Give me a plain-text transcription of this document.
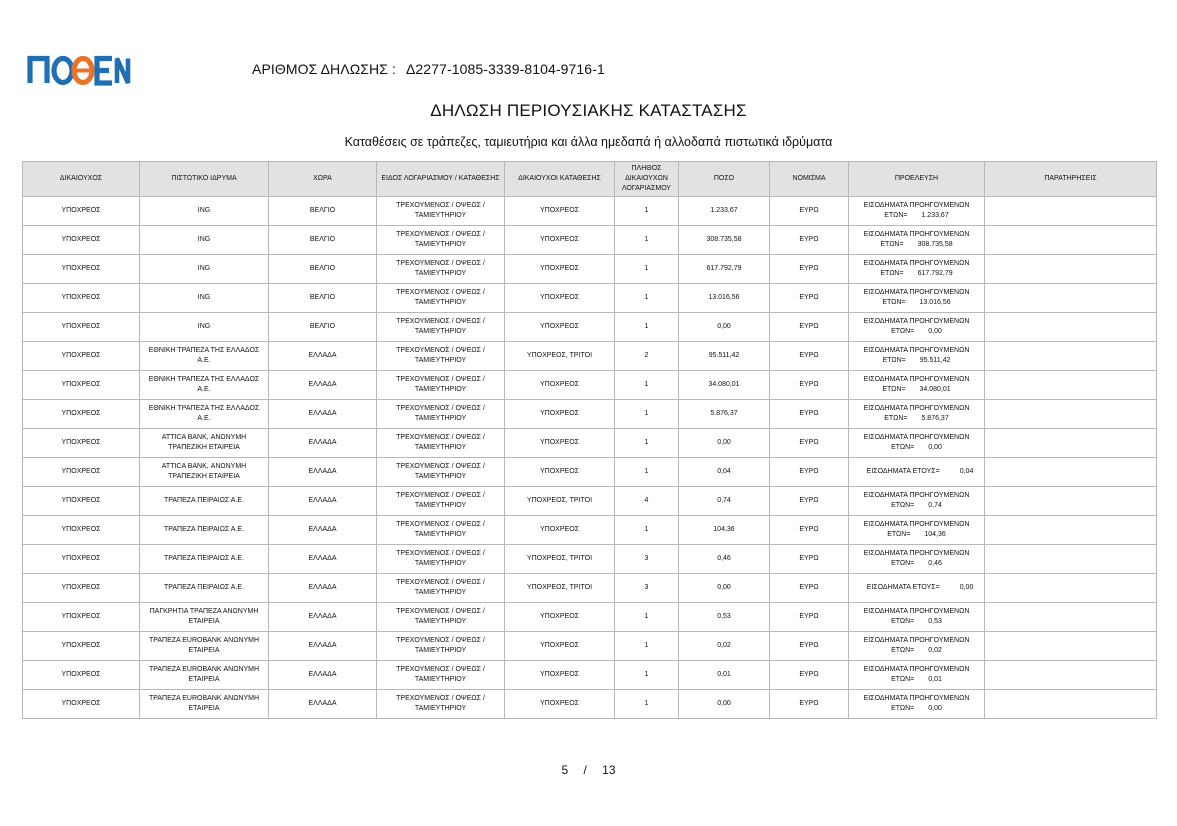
ΑΡΙΘΜΟΣ ΔΗΛΩΣΗΣ : Δ2277-1085-3339-8104-9716-1
ΔΗΛΩΣΗ ΠΕΡΙΟΥΣΙΑΚΗΣ ΚΑΤΑΣΤΑΣΗΣ
Καταθέσεις σε τράπεζες, ταμιευτήρια και άλλα ημεδαπά ή αλλοδαπά πιστωτικά ιδρύματα
ΔΙΚΑΙΟΥΧΟΣ	ΠΙΣΤΩΤΙΚΟ ΙΔΡΥΜΑ	ΧΩΡΑ	ΕΙΔΟΣ ΛΟΓΑΡΙΑΣΜΟΥ / ΚΑΤΑΘΕΣΗΣ	ΔΙΚΑΙΟΥΧΟΙ ΚΑΤΑΘΕΣΗΣ	ΠΛΗΘΟΣ ΔΙΚΑΙΟΥΧΩΝ ΛΟΓΑΡΙΑΣΜΟΥ	ΠΟΣΟ	ΝΟΜΙΣΜΑ	ΠΡΟΕΛΕΥΣΗ	ΠΑΡΑΤΗΡΗΣΕΙΣ
ΥΠΟΧΡΕΟΣ	ING	ΒΕΛΓΙΟ	ΤΡΕΧΟΥΜΕΝΟΣ / ΟΨΕΩΣ / ΤΑΜΙΕΥΤΗΡΙΟΥ	ΥΠΟΧΡΕΟΣ	1	1.233,67	ΕΥΡΩ	ΕΙΣΟΔΗΜΑΤΑ ΠΡΟΗΓΟΥΜΕΝΩΝ
ΕΤΩΝ= 1.233,67	

ΥΠΟΧΡΕΟΣ	ING	ΒΕΛΓΙΟ	ΤΡΕΧΟΥΜΕΝΟΣ / ΟΨΕΩΣ / ΤΑΜΙΕΥΤΗΡΙΟΥ	ΥΠΟΧΡΕΟΣ	1	308.735,58	ΕΥΡΩ	ΕΙΣΟΔΗΜΑΤΑ ΠΡΟΗΓΟΥΜΕΝΩΝ
ΕΤΩΝ= 308.735,58	

ΥΠΟΧΡΕΟΣ	ING	ΒΕΛΓΙΟ	ΤΡΕΧΟΥΜΕΝΟΣ / ΟΨΕΩΣ / ΤΑΜΙΕΥΤΗΡΙΟΥ	ΥΠΟΧΡΕΟΣ	1	617.792,79	ΕΥΡΩ	ΕΙΣΟΔΗΜΑΤΑ ΠΡΟΗΓΟΥΜΕΝΩΝ
ΕΤΩΝ= 617.792,79	

ΥΠΟΧΡΕΟΣ	ING	ΒΕΛΓΙΟ	ΤΡΕΧΟΥΜΕΝΟΣ / ΟΨΕΩΣ / ΤΑΜΙΕΥΤΗΡΙΟΥ	ΥΠΟΧΡΕΟΣ	1	13.016,56	ΕΥΡΩ	ΕΙΣΟΔΗΜΑΤΑ ΠΡΟΗΓΟΥΜΕΝΩΝ
ΕΤΩΝ= 13.016,56	

ΥΠΟΧΡΕΟΣ	ING	ΒΕΛΓΙΟ	ΤΡΕΧΟΥΜΕΝΟΣ / ΟΨΕΩΣ / ΤΑΜΙΕΥΤΗΡΙΟΥ	ΥΠΟΧΡΕΟΣ	1	0,00	ΕΥΡΩ	ΕΙΣΟΔΗΜΑΤΑ ΠΡΟΗΓΟΥΜΕΝΩΝ
ΕΤΩΝ= 0,00	

ΥΠΟΧΡΕΟΣ	ΕΘΝΙΚΗ ΤΡΑΠΕΖΑ ΤΗΣ ΕΛΛΑΔΟΣ Α.Ε.	ΕΛΛΑΔΑ	ΤΡΕΧΟΥΜΕΝΟΣ / ΟΨΕΩΣ / ΤΑΜΙΕΥΤΗΡΙΟΥ	ΥΠΟΧΡΕΟΣ, ΤΡΙΤΟΙ	2	95.511,42	ΕΥΡΩ	ΕΙΣΟΔΗΜΑΤΑ ΠΡΟΗΓΟΥΜΕΝΩΝ
ΕΤΩΝ= 95.511,42	

ΥΠΟΧΡΕΟΣ	ΕΘΝΙΚΗ ΤΡΑΠΕΖΑ ΤΗΣ ΕΛΛΑΔΟΣ Α.Ε.	ΕΛΛΑΔΑ	ΤΡΕΧΟΥΜΕΝΟΣ / ΟΨΕΩΣ / ΤΑΜΙΕΥΤΗΡΙΟΥ	ΥΠΟΧΡΕΟΣ	1	34.080,01	ΕΥΡΩ	ΕΙΣΟΔΗΜΑΤΑ ΠΡΟΗΓΟΥΜΕΝΩΝ
ΕΤΩΝ= 34.080,01	

ΥΠΟΧΡΕΟΣ	ΕΘΝΙΚΗ ΤΡΑΠΕΖΑ ΤΗΣ ΕΛΛΑΔΟΣ Α.Ε.	ΕΛΛΑΔΑ	ΤΡΕΧΟΥΜΕΝΟΣ / ΟΨΕΩΣ / ΤΑΜΙΕΥΤΗΡΙΟΥ	ΥΠΟΧΡΕΟΣ	1	5.876,37	ΕΥΡΩ	ΕΙΣΟΔΗΜΑΤΑ ΠΡΟΗΓΟΥΜΕΝΩΝ
ΕΤΩΝ= 5.876,37	

ΥΠΟΧΡΕΟΣ	ATTICA BANK, ΑΝΩΝΥΜΗ ΤΡΑΠΕΖΙΚΗ ΕΤΑΙΡΕΙΑ	ΕΛΛΑΔΑ	ΤΡΕΧΟΥΜΕΝΟΣ / ΟΨΕΩΣ / ΤΑΜΙΕΥΤΗΡΙΟΥ	ΥΠΟΧΡΕΟΣ	1	0,00	ΕΥΡΩ	ΕΙΣΟΔΗΜΑΤΑ ΠΡΟΗΓΟΥΜΕΝΩΝ
ΕΤΩΝ= 0,00	

ΥΠΟΧΡΕΟΣ	ATTICA BANK, ΑΝΩΝΥΜΗ ΤΡΑΠΕΖΙΚΗ ΕΤΑΙΡΕΙΑ	ΕΛΛΑΔΑ	ΤΡΕΧΟΥΜΕΝΟΣ / ΟΨΕΩΣ / ΤΑΜΙΕΥΤΗΡΙΟΥ	ΥΠΟΧΡΕΟΣ	1	0,04	ΕΥΡΩ	ΕΙΣΟΔΗΜΑΤΑ ΕΤΟΥΣ= 0,04	
ΥΠΟΧΡΕΟΣ	ΤΡΑΠΕΖΑ ΠΕΙΡΑΙΩΣ Α.Ε.	ΕΛΛΑΔΑ	ΤΡΕΧΟΥΜΕΝΟΣ / ΟΨΕΩΣ / ΤΑΜΙΕΥΤΗΡΙΟΥ	ΥΠΟΧΡΕΟΣ, ΤΡΙΤΟΙ	4	0,74	ΕΥΡΩ	ΕΙΣΟΔΗΜΑΤΑ ΠΡΟΗΓΟΥΜΕΝΩΝ
ΕΤΩΝ= 0,74	

ΥΠΟΧΡΕΟΣ	ΤΡΑΠΕΖΑ ΠΕΙΡΑΙΩΣ Α.Ε.	ΕΛΛΑΔΑ	ΤΡΕΧΟΥΜΕΝΟΣ / ΟΨΕΩΣ / ΤΑΜΙΕΥΤΗΡΙΟΥ	ΥΠΟΧΡΕΟΣ	1	104,36	ΕΥΡΩ	ΕΙΣΟΔΗΜΑΤΑ ΠΡΟΗΓΟΥΜΕΝΩΝ
ΕΤΩΝ= 104,36	

ΥΠΟΧΡΕΟΣ	ΤΡΑΠΕΖΑ ΠΕΙΡΑΙΩΣ Α.Ε.	ΕΛΛΑΔΑ	ΤΡΕΧΟΥΜΕΝΟΣ / ΟΨΕΩΣ / ΤΑΜΙΕΥΤΗΡΙΟΥ	ΥΠΟΧΡΕΟΣ, ΤΡΙΤΟΙ	3	0,46	ΕΥΡΩ	ΕΙΣΟΔΗΜΑΤΑ ΠΡΟΗΓΟΥΜΕΝΩΝ
ΕΤΩΝ= 0,46	

ΥΠΟΧΡΕΟΣ	ΤΡΑΠΕΖΑ ΠΕΙΡΑΙΩΣ Α.Ε.	ΕΛΛΑΔΑ	ΤΡΕΧΟΥΜΕΝΟΣ / ΟΨΕΩΣ / ΤΑΜΙΕΥΤΗΡΙΟΥ	ΥΠΟΧΡΕΟΣ, ΤΡΙΤΟΙ	3	0,00	ΕΥΡΩ	ΕΙΣΟΔΗΜΑΤΑ ΕΤΟΥΣ= 0,00	
ΥΠΟΧΡΕΟΣ	ΠΑΓΚΡΗΤΙΑ ΤΡΑΠΕΖΑ ΑΝΩΝΥΜΗ ΕΤΑΙΡΕΙΑ	ΕΛΛΑΔΑ	ΤΡΕΧΟΥΜΕΝΟΣ / ΟΨΕΩΣ / ΤΑΜΙΕΥΤΗΡΙΟΥ	ΥΠΟΧΡΕΟΣ	1	0,53	ΕΥΡΩ	ΕΙΣΟΔΗΜΑΤΑ ΠΡΟΗΓΟΥΜΕΝΩΝ
ΕΤΩΝ= 0,53	

ΥΠΟΧΡΕΟΣ	ΤΡΑΠΕΖΑ EUROBANK ΑΝΩΝΥΜΗ ΕΤΑΙΡΕΙΑ	ΕΛΛΑΔΑ	ΤΡΕΧΟΥΜΕΝΟΣ / ΟΨΕΩΣ / ΤΑΜΙΕΥΤΗΡΙΟΥ	ΥΠΟΧΡΕΟΣ	1	0,02	ΕΥΡΩ	ΕΙΣΟΔΗΜΑΤΑ ΠΡΟΗΓΟΥΜΕΝΩΝ
ΕΤΩΝ= 0,02	

ΥΠΟΧΡΕΟΣ	ΤΡΑΠΕΖΑ EUROBANK ΑΝΩΝΥΜΗ ΕΤΑΙΡΕΙΑ	ΕΛΛΑΔΑ	ΤΡΕΧΟΥΜΕΝΟΣ / ΟΨΕΩΣ / ΤΑΜΙΕΥΤΗΡΙΟΥ	ΥΠΟΧΡΕΟΣ	1	0,01	ΕΥΡΩ	ΕΙΣΟΔΗΜΑΤΑ ΠΡΟΗΓΟΥΜΕΝΩΝ
ΕΤΩΝ= 0,01	

ΥΠΟΧΡΕΟΣ	ΤΡΑΠΕΖΑ EUROBANK ΑΝΩΝΥΜΗ ΕΤΑΙΡΕΙΑ	ΕΛΛΑΔΑ	ΤΡΕΧΟΥΜΕΝΟΣ / ΟΨΕΩΣ / ΤΑΜΙΕΥΤΗΡΙΟΥ	ΥΠΟΧΡΕΟΣ	1	0,00	ΕΥΡΩ	ΕΙΣΟΔΗΜΑΤΑ ΠΡΟΗΓΟΥΜΕΝΩΝ
ΕΤΩΝ= 0,00	

5 / 13
